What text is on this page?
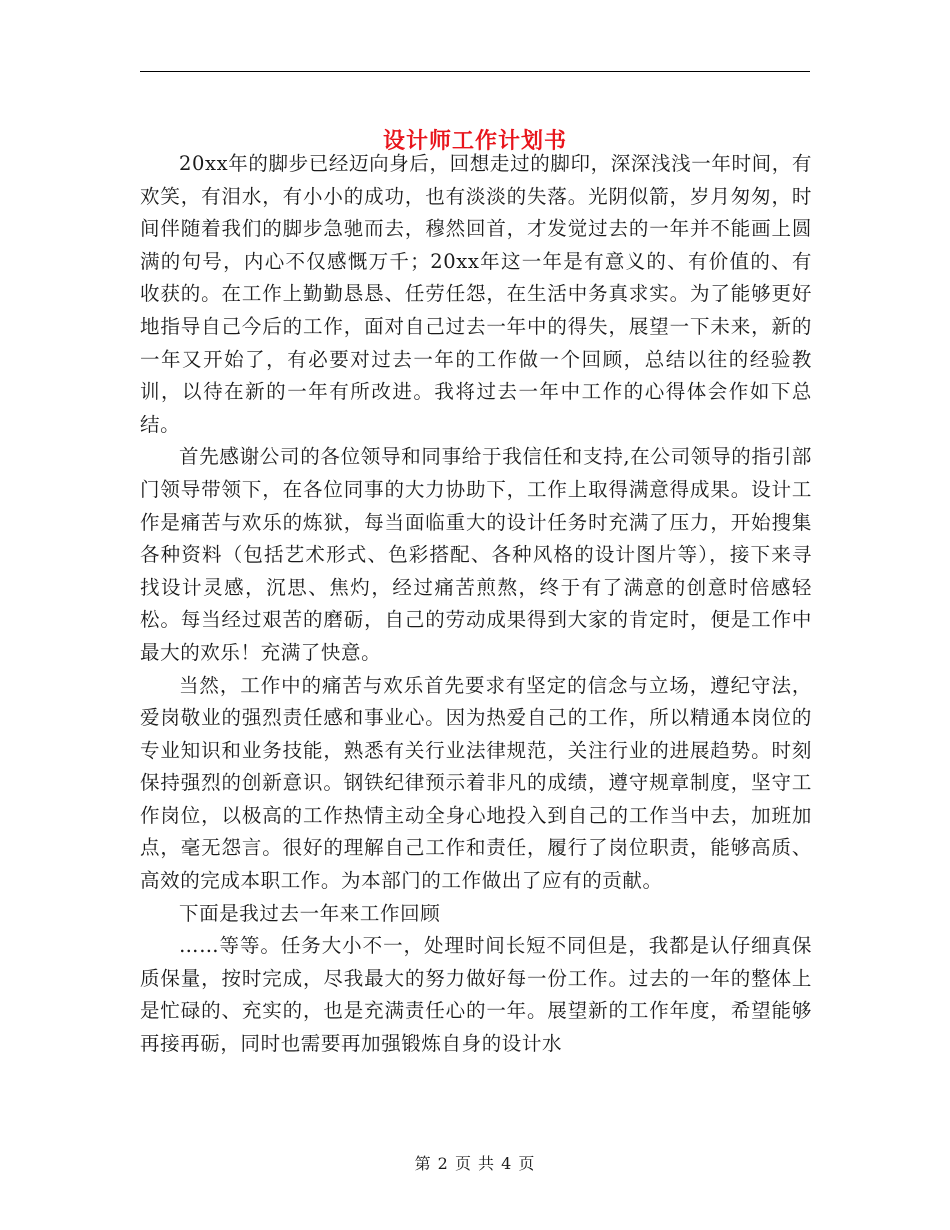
设计师工作计划书

20xx年的脚步已经迈向身后，回想走过的脚印，深深浅浅一年时间，有欢笑，有泪水，有小小的成功，也有淡淡的失落。光阴似箭，岁月匆匆，时间伴随着我们的脚步急驰而去，穆然回首，才发觉过去的一年并不能画上圆满的句号，内心不仅感慨万千；20xx年这一年是有意义的、有价值的、有收获的。在工作上勤勤恳恳、任劳任怨，在生活中务真求实。为了能够更好地指导自己今后的工作，面对自己过去一年中的得失，展望一下未来，新的一年又开始了，有必要对过去一年的工作做一个回顾，总结以往的经验教训，以待在新的一年有所改进。我将过去一年中工作的心得体会作如下总结。

首先感谢公司的各位领导和同事给于我信任和支持,在公司领导的指引部门领导带领下，在各位同事的大力协助下，工作上取得满意得成果。设计工作是痛苦与欢乐的炼狱，每当面临重大的设计任务时充满了压力，开始搜集各种资料（包括艺术形式、色彩搭配、各种风格的设计图片等），接下来寻找设计灵感，沉思、焦灼，经过痛苦煎熬，终于有了满意的创意时倍感轻松。每当经过艰苦的磨砺，自己的劳动成果得到大家的肯定时，便是工作中最大的欢乐！充满了快意。

当然，工作中的痛苦与欢乐首先要求有坚定的信念与立场，遵纪守法，爱岗敬业的强烈责任感和事业心。因为热爱自己的工作，所以精通本岗位的专业知识和业务技能，熟悉有关行业法律规范，关注行业的进展趋势。时刻保持强烈的创新意识。钢铁纪律预示着非凡的成绩，遵守规章制度，坚守工作岗位，以极高的工作热情主动全身心地投入到自己的工作当中去，加班加点，毫无怨言。很好的理解自己工作和责任，履行了岗位职责，能够高质、高效的完成本职工作。为本部门的工作做出了应有的贡献。

下面是我过去一年来工作回顾

……等等。任务大小不一，处理时间长短不同但是，我都是认仔细真保质保量，按时完成，尽我最大的努力做好每一份工作。过去的一年的整体上是忙碌的、充实的，也是充满责任心的一年。展望新的工作年度，希望能够再接再砺，同时也需要再加强锻炼自身的设计水

第 2 页 共 4 页
